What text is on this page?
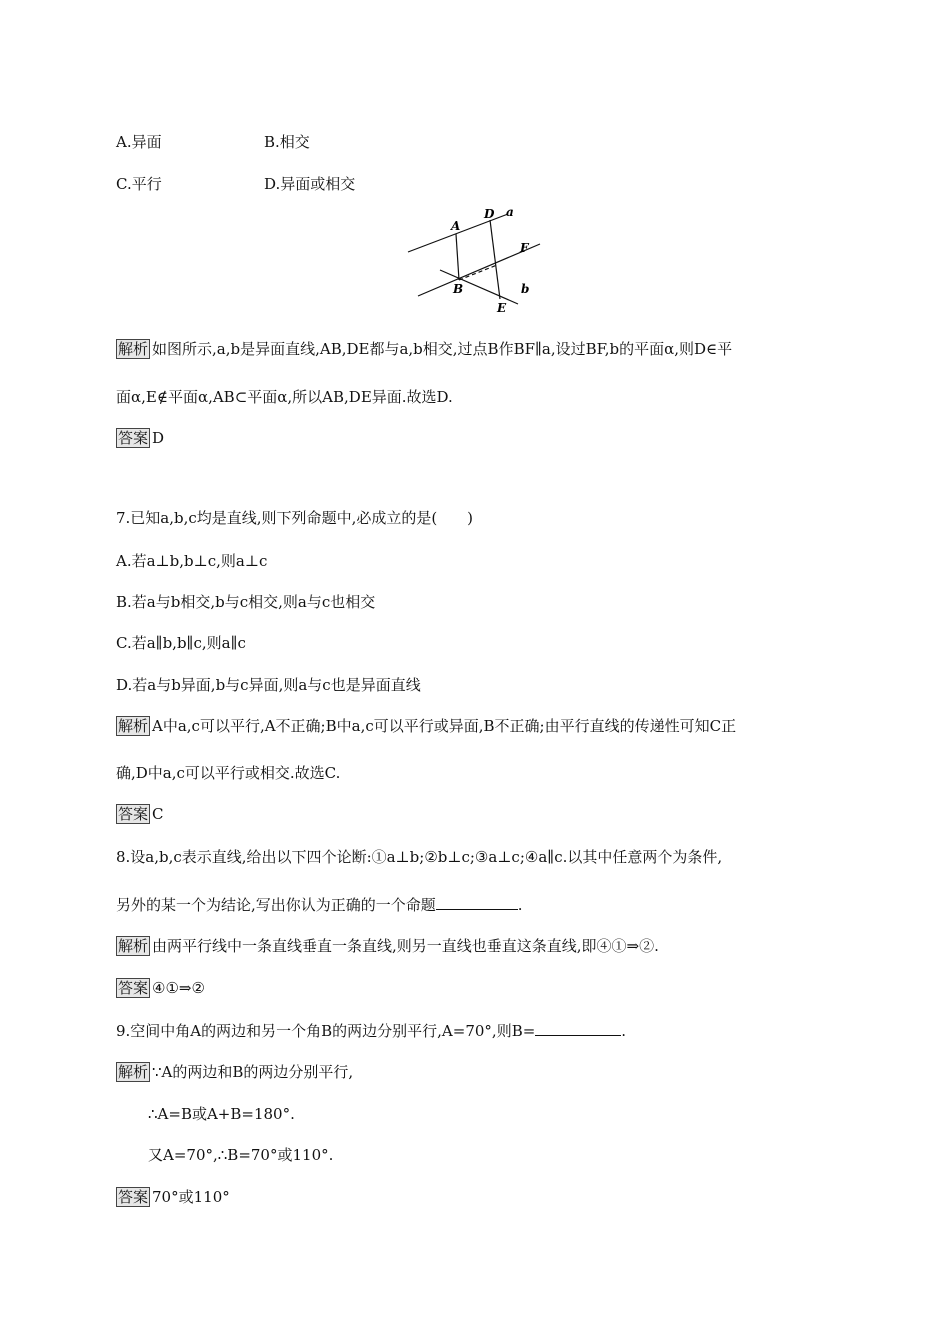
A.异面	B.相交
C.平行	D.异面或相交
A
D a
F
B	b
E
解析 如图所示,a,b是异面直线,AB,DE都与a,b相交,过点B作BF∥a,设过BF,b的平面α,则D∈平
面α,E∉平面α,AB⊂平面α,所以AB,DE异面.故选D.
答案 D
7.已知a,b,c均是直线,则下列命题中,必成立的是(　　)
A.若a⊥b,b⊥c,则a⊥c
B.若a与b相交,b与c相交,则a与c也相交
C.若a∥b,b∥c,则a∥c
D.若a与b异面,b与c异面,则a与c也是异面直线
解析 A中a,c可以平行,A不正确;B中a,c可以平行或异面,B不正确;由平行直线的传递性可知C正
确,D中a,c可以平行或相交.故选C.
答案 C
8.设a,b,c表示直线,给出以下四个论断:①a⊥b;②b⊥c;③a⊥c;④a∥c.以其中任意两个为条件,
另外的某一个为结论,写出你认为正确的一个命题	.
解析 由两平行线中一条直线垂直一条直线,则另一直线也垂直这条直线,即④①⇒②.
答案 ④①⇒②
9.空间中角A的两边和另一个角B的两边分别平行,A=70°,则B=	.
解析 ∵A的两边和B的两边分别平行,
∴A=B或A+B=180°.
又A=70°,∴B=70°或110°.
答案 70°或110°
